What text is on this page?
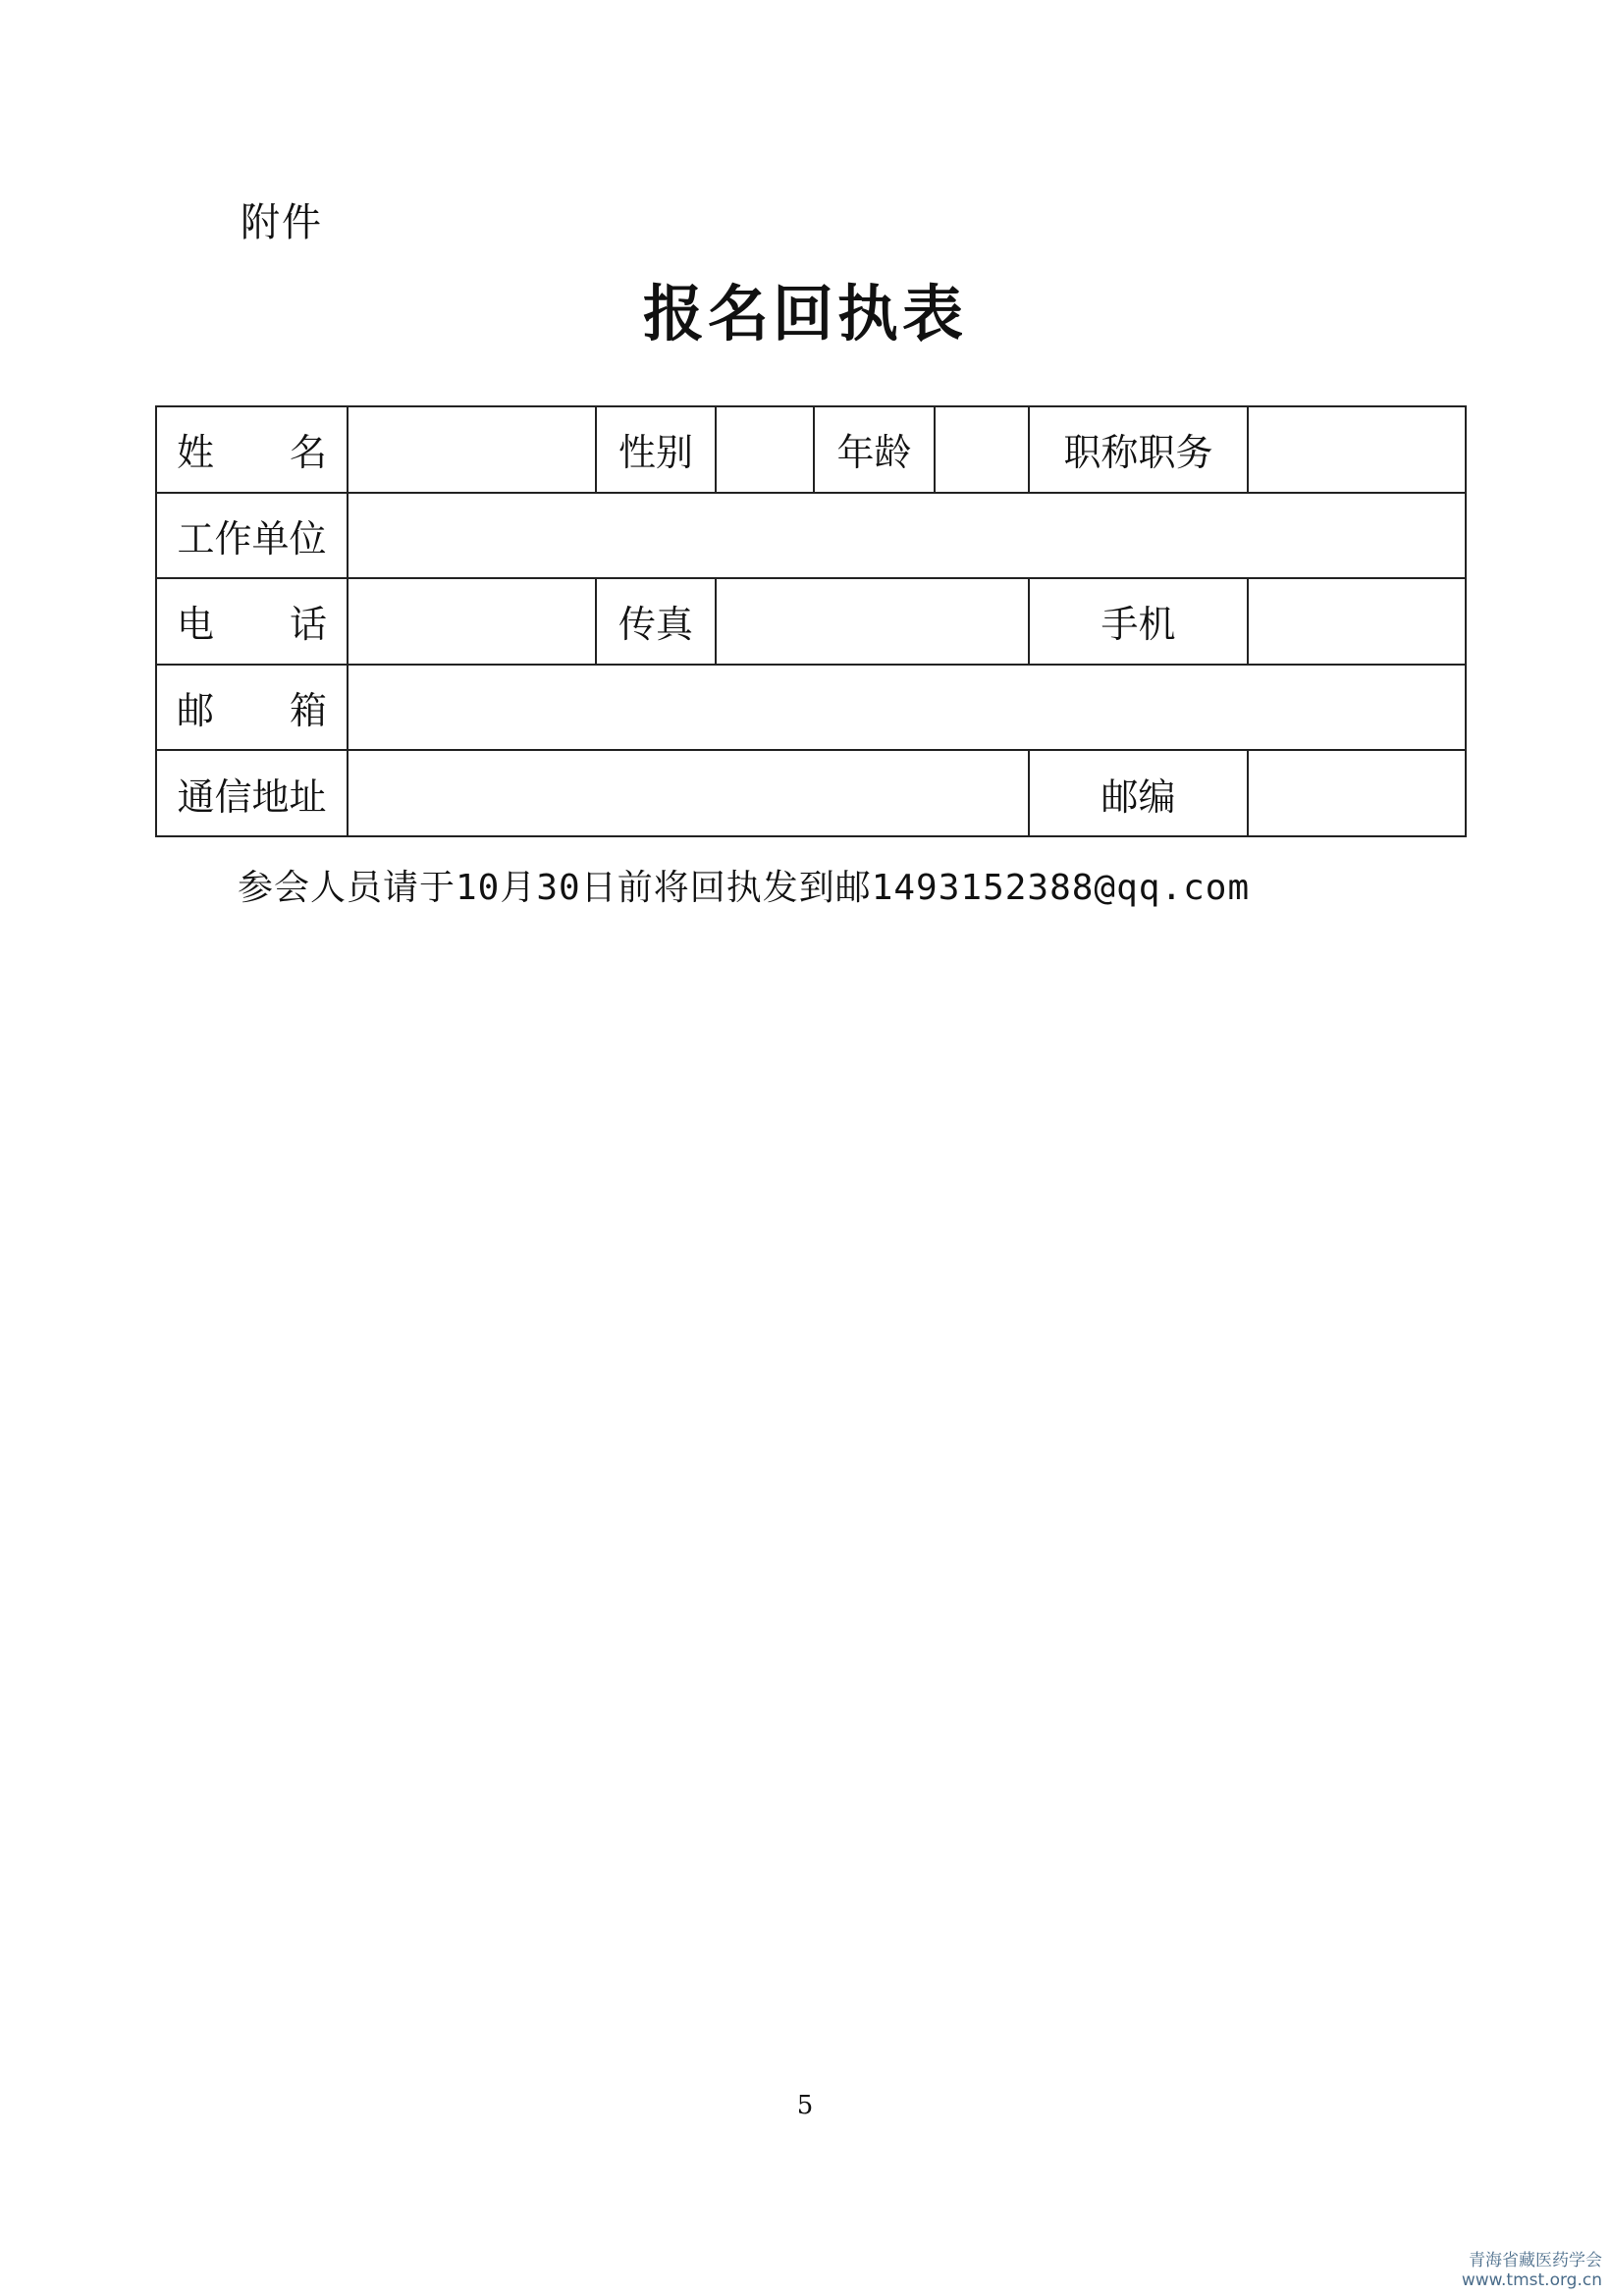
附件
报名回执表
姓　名		性别		年龄		职称职务	
工作单位							
电　话		传真				手机	
邮　箱							
通信地址						邮编	
参会人员请于10月30日前将回执发到邮1493152388@qq.com
5
青海省藏医药学会
www.tmst.org.cn
